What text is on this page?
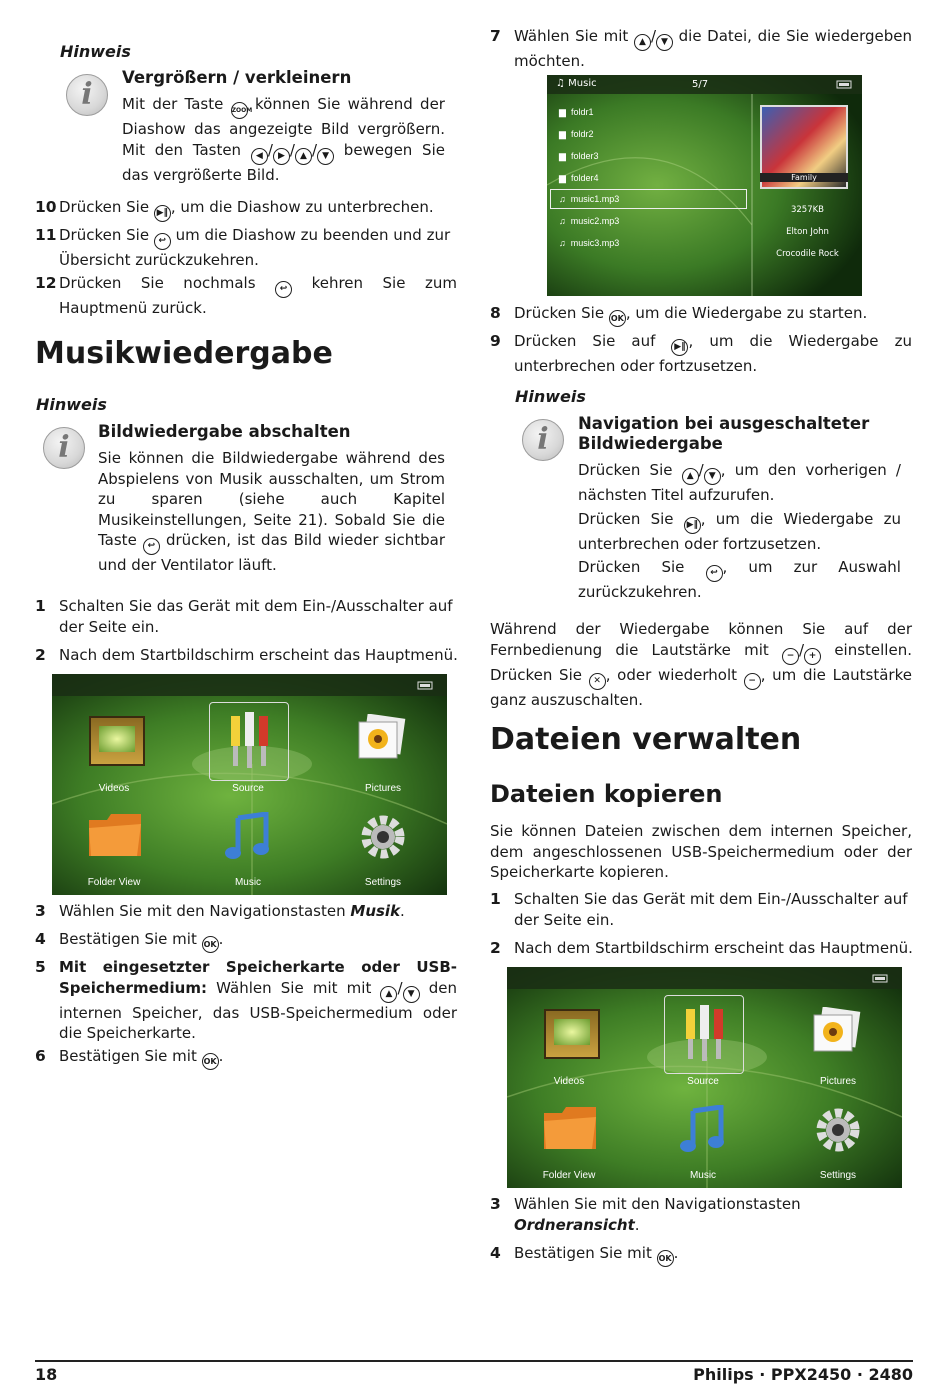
Hinweis
i	Vergrößern / verkleinern

Mit der Taste ZOOM können Sie während der Diashow das angezeigte Bild vergrößern. Mit den Tasten ◀ / ▶ / ▲ / ▼ bewegen Sie das vergrößerte Bild.

10 Drücken Sie ▶‖ , um die Diashow zu unterbrechen.

11 Drücken Sie ↩ um die Diashow zu beenden und zur Übersicht zurückzukehren.

12 Drücken Sie nochmals	↩ kehren Sie zum Hauptmenü zurück.

Musikwiedergabe
Hinweis
i	Bildwiedergabe abschalten

Sie können die Bildwiedergabe während des Abspielens von Musik ausschalten, um Strom zu sparen (siehe auch Kapitel Musikeinstellungen, Seite 21). Sobald Sie die Taste ↩ drücken, ist das Bild wieder sichtbar und der Ventilator läuft.

1 Schalten Sie das Gerät mit dem Ein-/Ausschalter auf der Seite ein.

2 Nach dem Startbildschirm erscheint das Hauptmenü.

Videos	Source	Pictures
Folder View	Music	Settings
3 Wählen Sie mit den Navigationstasten Musik.

4 Bestätigen Sie mit OK .

5 Mit eingesetzter Speicherkarte oder USB-Speichermedium: Wählen Sie mit mit ▲ / ▼ den internen Speicher, das USB-Speichermedium oder die Speicherkarte.

6 Bestätigen Sie mit OK .

7 Wählen Sie mit ▲ / ▼ die Datei, die Sie wiedergeben möchten.

♫ Music	5/7
▆ foldr1
▆ foldr2
▆ folder3
▆ folder4
♫ music1.mp3
♫ music2.mp3
♫ music3.mp3
Family
3257KB
Elton John
Crocodile Rock
8 Drücken Sie OK , um die Wiedergabe zu starten.

9 Drücken Sie auf ▶‖ , um die Wiedergabe zu unterbrechen oder fortzusetzen.

Hinweis
i	Navigation bei ausgeschalteter Bildwiedergabe

Drücken Sie ▲ / ▼ , um den vorherigen / nächsten Titel aufzurufen.

Drücken Sie ▶‖ , um die Wiedergabe zu unterbrechen oder fortzusetzen.

Drücken Sie	↩ , um zur Auswahl zurückzukehren.

Während der Wiedergabe können Sie auf der Fernbedienung die Lautstärke mit − / + einstellen. Drücken Sie ✕ , oder wiederholt − , um die Lautstärke ganz auszuschalten.

Dateien verwalten
Dateien kopieren

Sie können Dateien zwischen dem internen Speicher, dem angeschlossenen USB-Speichermedium oder der Speicherkarte kopieren.

1 Schalten Sie das Gerät mit dem Ein-/Ausschalter auf der Seite ein.

2 Nach dem Startbildschirm erscheint das Hauptmenü.

Videos	Source	Pictures
Folder View	Music	Settings
3 Wählen Sie mit den Navigationstasten Ordneransicht.

4 Bestätigen Sie mit OK .

18	Philips · PPX2450 · 2480
